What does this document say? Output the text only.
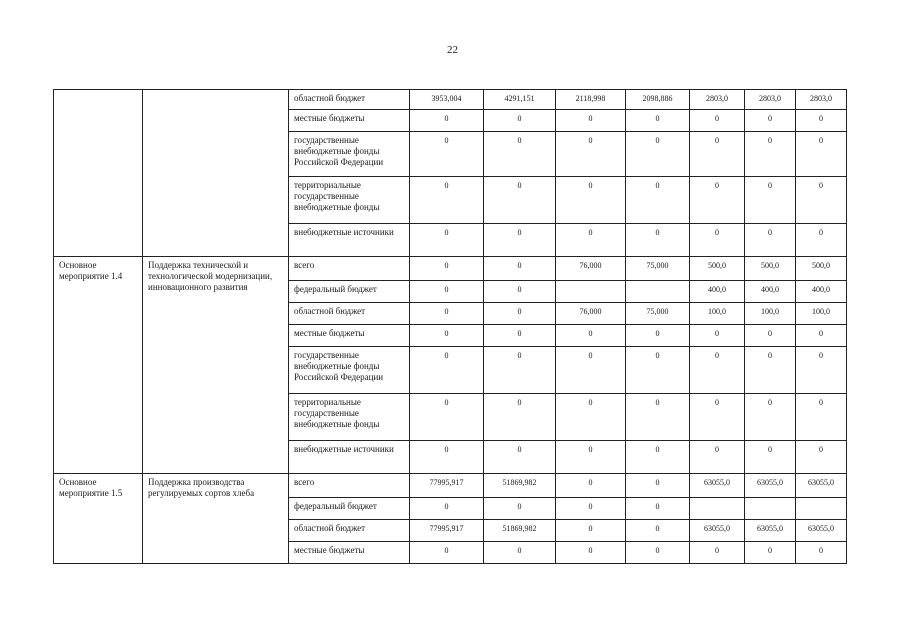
22
		областной бюджет	3953,004	4291,151	2118,998	2098,886	2803,0	2803,0	2803,0
		местные бюджеты	0	0	0	0	0	0	0
		государственные внебюджетные фонды Российской Федерации	0	0	0	0	0	0	0
		территориальные государственные внебюджетные фонды	0	0	0	0	0	0	0
		внебюджетные источники	0	0	0	0	0	0	0
Основное мероприятие 1.4	Поддержка технической и технологической модернизации, инновационного развития	всего	0	0	76,000	75,000	500,0	500,0	500,0
		федеральный бюджет	0	0			400,0	400,0	400,0
		областной бюджет	0	0	76,000	75,000	100,0	100,0	100,0
		местные бюджеты	0	0	0	0	0	0	0
		государственные внебюджетные фонды Российской Федерации	0	0	0	0	0	0	0
		территориальные государственные внебюджетные фонды	0	0	0	0	0	0	0
		внебюджетные источники	0	0	0	0	0	0	0
Основное мероприятие 1.5	Поддержка производства регулируемых сортов хлеба	всего	77995,917	51869,982	0	0	63055,0	63055,0	63055,0
		федеральный бюджет	0	0	0	0			
		областной бюджет	77995,917	51869,982	0	0	63055,0	63055,0	63055,0
		местные бюджеты	0	0	0	0	0	0	0
